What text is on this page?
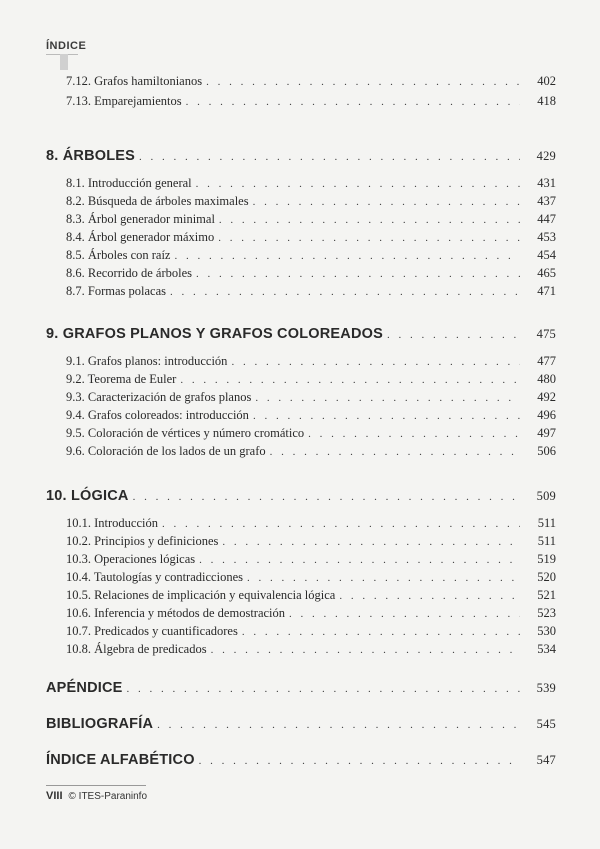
ÍNDICE
7.12. Grafos hamiltonianos . . .	402
7.13. Emparejamientos . . .	418
8. ÁRBOLES . . .	429
8.1. Introducción general . . .	431
8.2. Búsqueda de árboles maximales . . .	437
8.3. Árbol generador minimal . . .	447
8.4. Árbol generador máximo . . .	453
8.5. Árboles con raíz . . .	454
8.6. Recorrido de árboles . . .	465
8.7. Formas polacas . . .	471
9. GRAFOS PLANOS Y GRAFOS COLOREADOS . . .	475
9.1. Grafos planos: introducción . . .	477
9.2. Teorema de Euler . . .	480
9.3. Caracterización de grafos planos . . .	492
9.4. Grafos coloreados: introducción . . .	496
9.5. Coloración de vértices y número cromático . . .	497
9.6. Coloración de los lados de un grafo . . .	506
10. LÓGICA . . .	509
10.1. Introducción . . .	511
10.2. Principios y definiciones . . .	511
10.3. Operaciones lógicas . . .	519
10.4. Tautologías y contradicciones . . .	520
10.5. Relaciones de implicación y equivalencia lógica . . .	521
10.6. Inferencia y métodos de demostración . . .	523
10.7. Predicados y cuantificadores . . .	530
10.8. Álgebra de predicados . . .	534
APÉNDICE . . .	539
BIBLIOGRAFÍA . . .	545
ÍNDICE ALFABÉTICO . . .	547
VIII © ITES-Paraninfo
